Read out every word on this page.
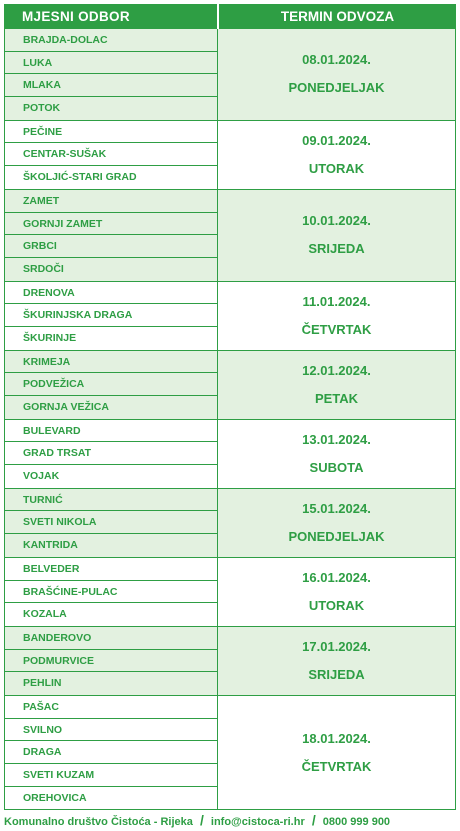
MJESNI ODBOR	TERMIN ODVOZA
BRAJDA-DOLAC
LUKA
MLAKA
POTOK
08.01.2024.
PONEDJELJAK
PEČINE
CENTAR-SUŠAK
ŠKOLJIĆ-STARI GRAD
09.01.2024.
UTORAK
ZAMET
GORNJI ZAMET
GRBCI
SRDOČI
10.01.2024.
SRIJEDA
DRENOVA
ŠKURINJSKA DRAGA
ŠKURINJE
11.01.2024.
ČETVRTAK
KRIMEJA
PODVEŽICA
GORNJA VEŽICA
12.01.2024.
PETAK
BULEVARD
GRAD TRSAT
VOJAK
13.01.2024.
SUBOTA
TURNIĆ
SVETI NIKOLA
KANTRIDA
15.01.2024.
PONEDJELJAK
BELVEDER
BRAŠĆINE-PULAC
KOZALA
16.01.2024.
UTORAK
BANDEROVO
PODMURVICE
PEHLIN
17.01.2024.
SRIJEDA
PAŠAC
SVILNO
DRAGA
SVETI KUZAM
OREHOVICA
18.01.2024.
ČETVRTAK
Komunalno društvo Čistoća - Rijeka / info@cistoca-ri.hr / 0800 999 900
